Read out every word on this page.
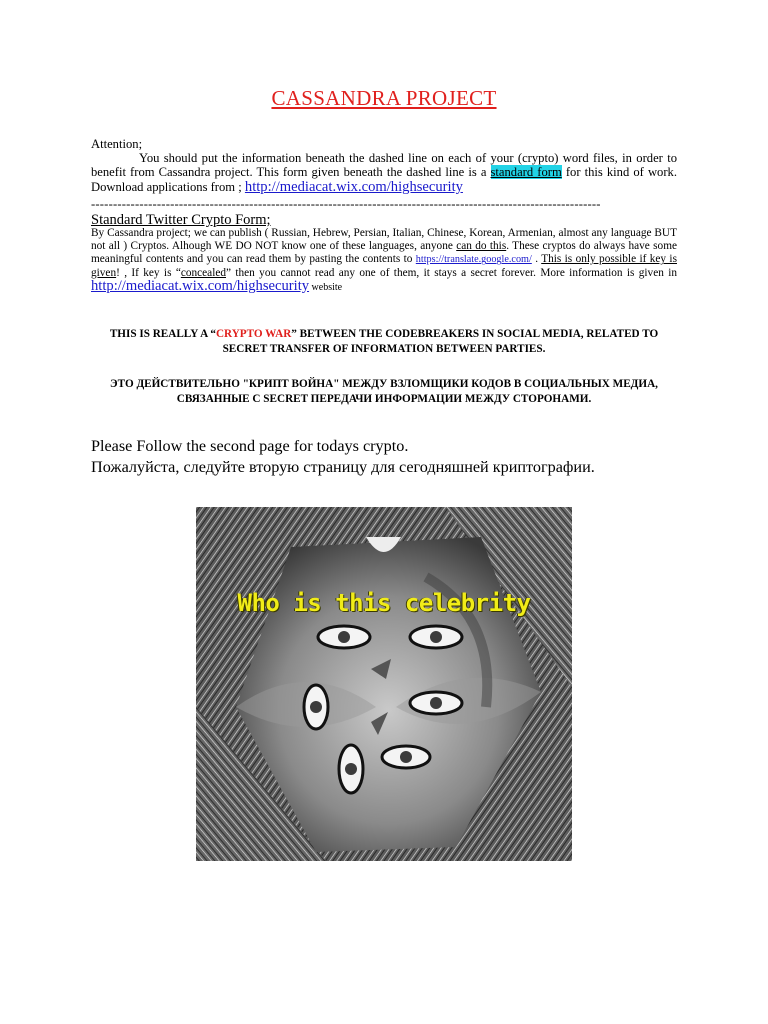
CASSANDRA PROJECT
Attention;
You should put the information beneath the dashed line on each of your (crypto) word files, in order to benefit from Cassandra project. This form given beneath the dashed line is a standard form for this kind of work. Download applications from ; http://mediacat.wix.com/highsecurity
--------------------------------------------------------------------------------------------------------------------
Standard Twitter Crypto Form;
By Cassandra project; we can publish ( Russian, Hebrew, Persian, Italian, Chinese, Korean, Armenian, almost any language BUT not all ) Cryptos. Alhough WE DO NOT know one of these languages, anyone can do this. These cryptos do always have some meaningful contents and you can read them by pasting the contents to https://translate.google.com/ . This is only possible if key is given! , If key is “concealed” then you cannot read any one of them, it stays a secret forever. More information is given in http://mediacat.wix.com/highsecurity website
THIS IS REALLY A “CRYPTO WAR” BETWEEN THE CODEBREAKERS IN SOCIAL MEDIA, RELATED TO SECRET TRANSFER OF INFORMATION BETWEEN PARTIES.
ЭТО ДЕЙСТВИТЕЛЬНО "КРИПТ ВОЙНА" МЕЖДУ ВЗЛОМЩИКИ КОДОВ В СОЦИАЛЬНЫХ МЕДИА, СВЯЗАННЫЕ С SECRET ПЕРЕДАЧИ ИНФОРМАЦИИ МЕЖДУ СТОРОНАМИ.
Please Follow the second page for todays crypto.
Пожалуйста, следуйте вторую страницу для сегодняшней криптографии.
Who is this celebrity
